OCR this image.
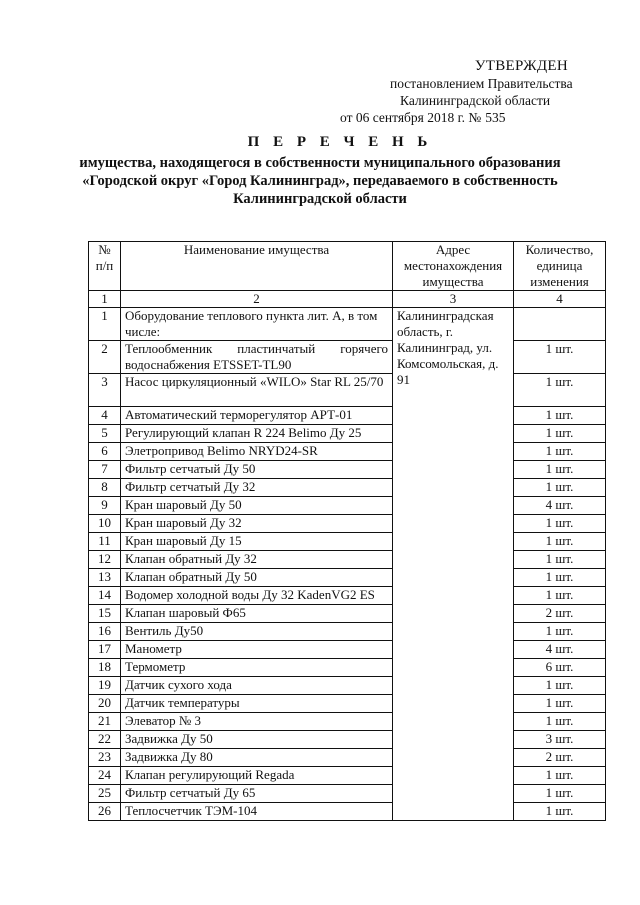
УТВЕРЖДЕН
постановлением Правительства
Калининградской области
от 06 сентября 2018 г. № 535
П Е Р Е Ч Е Н Ь
имущества, находящегося в собственности муниципального образования
«Городской округ «Город Калининград», передаваемого в собственность
Калининградской области
№ п/п	Наименование имущества	Адрес местонахождения имущества	Количество, единица изменения
1	2	3	4
1	Оборудование теплового пункта лит. А, в том числе:	Калининградская область, г. Калининград, ул. Комсомольская, д. 91	
2	Теплообменник пластинчатый горячего водоснабжения ETSSET-TL90		1 шт.
3	Насос циркуляционный «WILO» Star RL 25/70		1 шт.
4	Автоматический терморегулятор АРТ-01		1 шт.
5	Регулирующий клапан R 224 Belimo Ду 25		1 шт.
6	Элетропривод Belimo NRYD24-SR		1 шт.
7	Фильтр сетчатый Ду 50		1 шт.
8	Фильтр сетчатый Ду 32		1 шт.
9	Кран шаровый Ду 50		4 шт.
10	Кран шаровый Ду 32		1 шт.
11	Кран шаровый Ду 15		1 шт.
12	Клапан обратный Ду 32		1 шт.
13	Клапан обратный Ду 50		1 шт.
14	Водомер холодной воды Ду 32 KadenVG2 ES		1 шт.
15	Клапан шаровый Ф65		2 шт.
16	Вентиль Ду50		1 шт.
17	Манометр		4 шт.
18	Термометр		6 шт.
19	Датчик сухого хода		1 шт.
20	Датчик температуры		1 шт.
21	Элеватор № 3		1 шт.
22	Задвижка Ду 50		3 шт.
23	Задвижка Ду 80		2 шт.
24	Клапан регулирующий Regada		1 шт.
25	Фильтр сетчатый Ду 65		1 шт.
26	Теплосчетчик ТЭМ-104		1 шт.
